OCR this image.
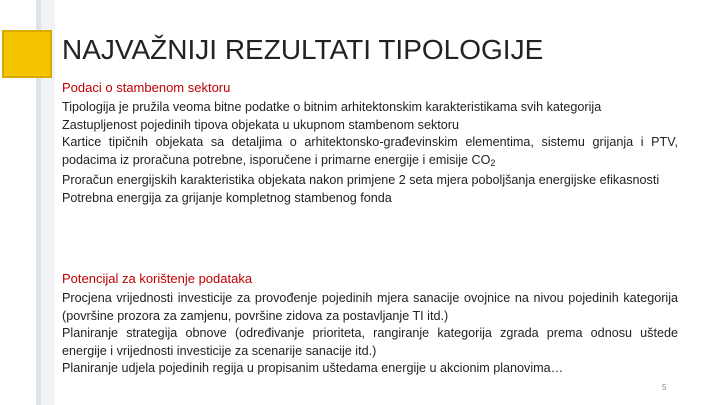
NAJVAŽNIJI REZULTATI TIPOLOGIJE
Podaci o stambenom sektoru

Tipologija je pružila veoma bitne podatke o bitnim arhitektonskim karakteristikama svih kategorija

Zastupljenost pojedinih tipova objekata u ukupnom stambenom sektoru

Kartice tipičnih objekata sa detaljima o arhitektonsko-građevinskim elementima, sistemu grijanja i PTV, podacima iz proračuna potrebne, isporučene i primarne energije i emisije $CO_2$

Proračun energijskih karakteristika objekata nakon primjene 2 seta mjera poboljšanja energijske efikasnosti

Potrebna energija za grijanje kompletnog stambenog fonda

Potencijal za korištenje podataka

Procjena vrijednosti investicije za provođenje pojedinih mjera sanacije ovojnice na nivou pojedinih kategorija (površine prozora za zamjenu, površine zidova za postavljanje TI itd.)

Planiranje strategija obnove (određivanje prioriteta, rangiranje kategorija zgrada prema odnosu uštede energije i vrijednosti investicije za scenarije sanacije itd.)

Planiranje udjela pojedinih regija u propisanim uštedama energije u akcionim planovima…

5
